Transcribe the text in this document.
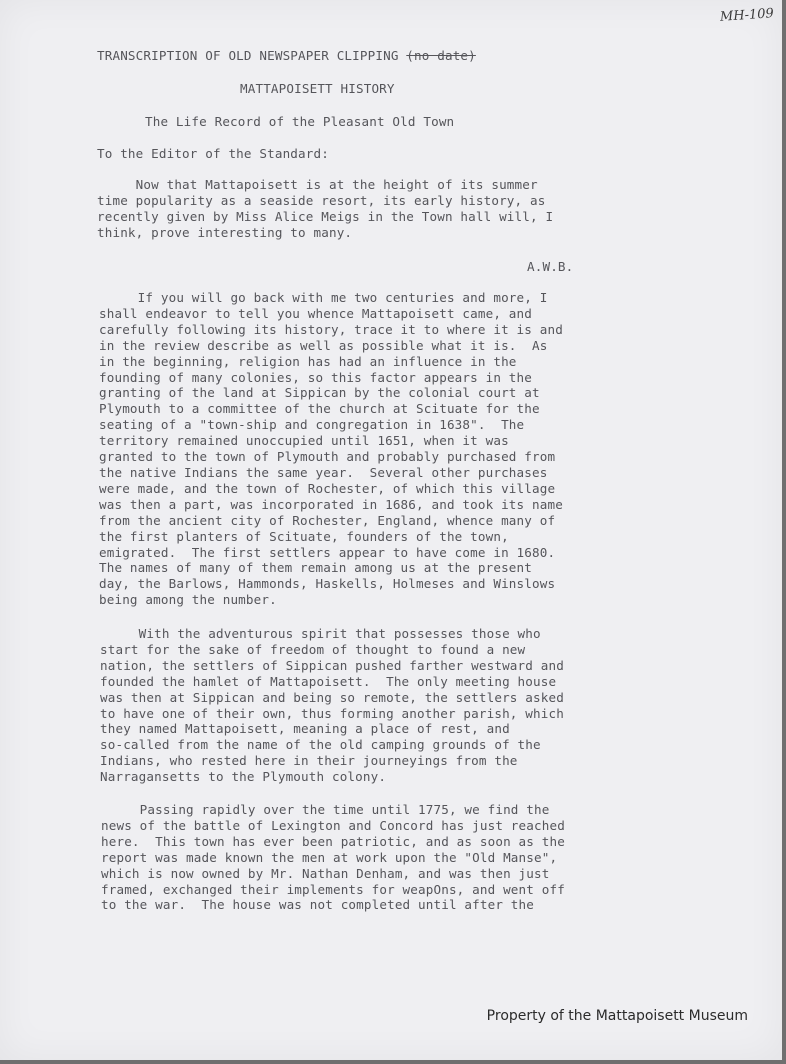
MH-109
TRANSCRIPTION OF OLD NEWSPAPER CLIPPING (no date)
MATTAPOISETT HISTORY
The Life Record of the Pleasant Old Town
To the Editor of the Standard:
Now that Mattapoisett is at the height of its summer
time popularity as a seaside resort, its early history, as
recently given by Miss Alice Meigs in the Town hall will, I
think, prove interesting to many.
A.W.B.
If you will go back with me two centuries and more, I
shall endeavor to tell you whence Mattapoisett came, and
carefully following its history, trace it to where it is and
in the review describe as well as possible what it is.  As
in the beginning, religion has had an influence in the
founding of many colonies, so this factor appears in the
granting of the land at Sippican by the colonial court at
Plymouth to a committee of the church at Scituate for the
seating of a "town-ship and congregation in 1638".  The
territory remained unoccupied until 1651, when it was
granted to the town of Plymouth and probably purchased from
the native Indians the same year.  Several other purchases
were made, and the town of Rochester, of which this village
was then a part, was incorporated in 1686, and took its name
from the ancient city of Rochester, England, whence many of
the first planters of Scituate, founders of the town,
emigrated.  The first settlers appear to have come in 1680.
The names of many of them remain among us at the present
day, the Barlows, Hammonds, Haskells, Holmeses and Winslows
being among the number.
With the adventurous spirit that possesses those who
start for the sake of freedom of thought to found a new
nation, the settlers of Sippican pushed farther westward and
founded the hamlet of Mattapoisett.  The only meeting house
was then at Sippican and being so remote, the settlers asked
to have one of their own, thus forming another parish, which
they named Mattapoisett, meaning a place of rest, and
so-called from the name of the old camping grounds of the
Indians, who rested here in their journeyings from the
Narragansetts to the Plymouth colony.
Passing rapidly over the time until 1775, we find the
news of the battle of Lexington and Concord has just reached
here.  This town has ever been patriotic, and as soon as the
report was made known the men at work upon the "Old Manse",
which is now owned by Mr. Nathan Denham, and was then just
framed, exchanged their implements for weapOns, and went off
to the war.  The house was not completed until after the
Property of the Mattapoisett Museum
